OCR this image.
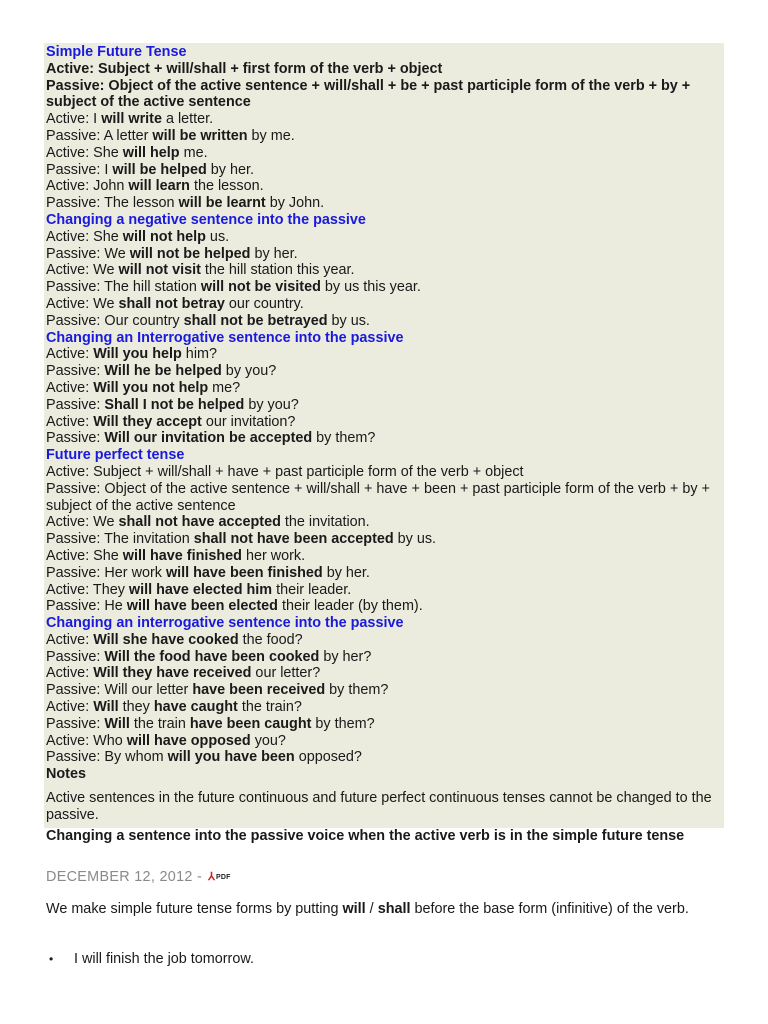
Simple Future Tense

Active: Subject + will/shall + first form of the verb + object

Passive: Object of the active sentence + will/shall + be + past participle form of the verb + by + subject of the active sentence

Active: I will write a letter.

Passive: A letter will be written by me.

Active: She will help me.

Passive: I will be helped by her.

Active: John will learn the lesson.

Passive: The lesson will be learnt by John.

Changing a negative sentence into the passive

Active: She will not help us.

Passive: We will not be helped by her.

Active: We will not visit the hill station this year.

Passive: The hill station will not be visited by us this year.

Active: We shall not betray our country.

Passive: Our country shall not be betrayed by us.

Changing an Interrogative sentence into the passive

Active: Will you help him?

Passive: Will he be helped by you?

Active: Will you not help me?

Passive: Shall I not be helped by you?

Active: Will they accept our invitation?

Passive: Will our invitation be accepted by them?

Future perfect tense

Active: Subject + will/shall + have + past participle form of the verb + object

Passive: Object of the active sentence + will/shall + have + been + past participle form of the verb + by + subject of the active sentence

Active: We shall not have accepted the invitation.

Passive: The invitation shall not have been accepted by us.

Active: She will have finished her work.

Passive: Her work will have been finished by her.

Active: They will have elected him their leader.

Passive: He will have been elected their leader (by them).

Changing an interrogative sentence into the passive

Active: Will she have cooked the food?

Passive: Will the food have been cooked by her?

Active: Will they have received our letter?

Passive: Will our letter have been received by them?

Active: Will they have caught the train?

Passive: Will the train have been caught by them?

Active: Who will have opposed you?

Passive: By whom will you have been opposed?

Notes

Active sentences in the future continuous and future perfect continuous tenses cannot be changed to the passive.

Changing a sentence into the passive voice when the active verb is in the simple future tense
DECEMBER 12, 2012 - ⅄ PDF

We make simple future tense forms by putting will / shall before the base form (infinitive) of the verb.

• I will finish the job tomorrow.
